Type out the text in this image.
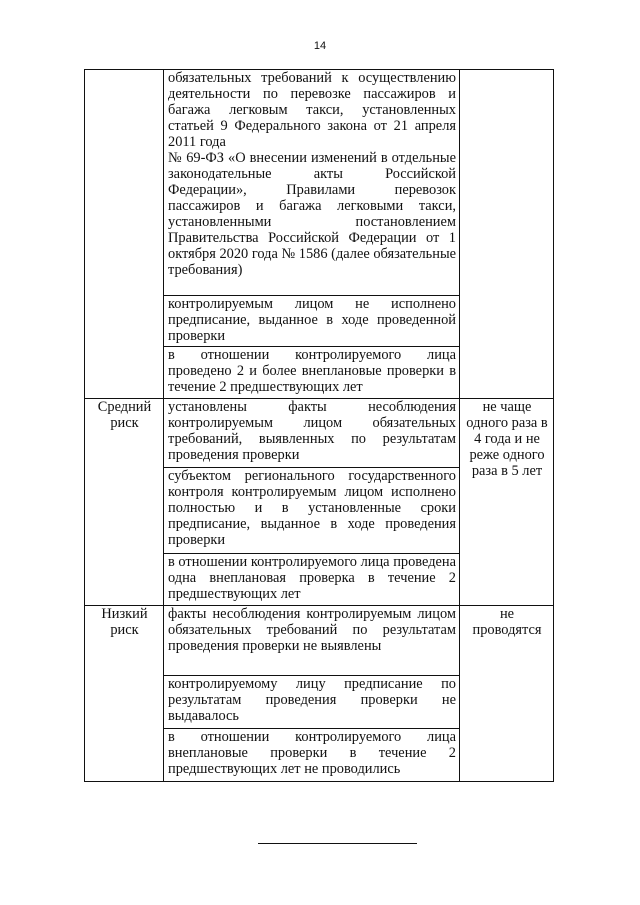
14

	обязательных требований к осуществлению деятельности по перевозке пассажиров и багажа легковым такси, установленных статьей 9 Федерального закона от 21 апреля 2011 года
№ 69-ФЗ «О внесении изменений в отдельные законодательные акты Российской Федерации», Правилами перевозок пассажиров и багажа легковыми такси, установленными постановлением Правительства Российской Федерации от 1 октября 2020 года № 1586 (далее обязательные требования)	

	контролируемым лицом не исполнено предписание, выданное в ходе проведенной проверки	
	в отношении контролируемого лица проведено 2 и более внеплановые проверки в течение 2 предшествующих лет	
Средний риск	установлены факты несоблюдения контролируемым лицом обязательных требований, выявленных по результатам проведения проверки	не чаще одного раза в 4 года и не реже одного раза в 5 лет
	субъектом регионального государственного контроля контролируемым лицом исполнено полностью и в установленные сроки предписание, выданное в ходе проведения проверки	
	в отношении контролируемого лица проведена одна внеплановая проверка в течение 2 предшествующих лет	
Низкий риск	факты несоблюдения контролируемым лицом обязательных требований по результатам проведения проверки не выявлены	не проводятся
	контролируемому лицу предписание по результатам проведения проверки не выдавалось	
	в отношении контролируемого лица внеплановые проверки в течение 2 предшествующих лет не проводились	
